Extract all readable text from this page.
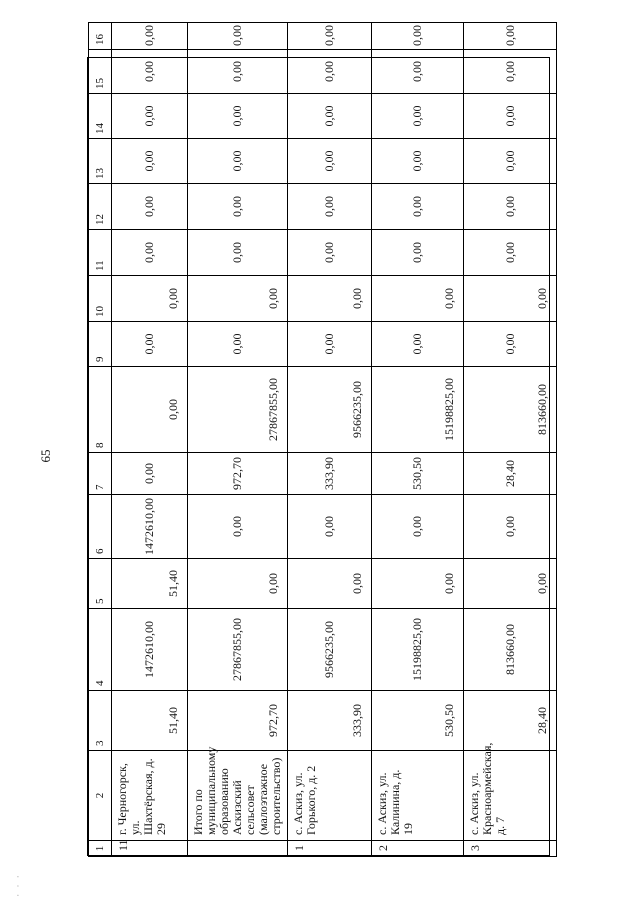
65
· · ·
1	2	3	4	5	6	7	8	9	10	11	12	13	14	15	16
11	г. Черногорск, ул. Шахтёрская, д. 29	51,40	1472610,00	51,40	1472610,00	0,00	0,00	0,00	0,00	0,00	0,00	0,00	0,00	0,00	0,00
	Итого по муниципальному образованию Аскизский сельсовет (малоэтажное строительство)	972,70	27867855,00	0,00	0,00	972,70	27867855,00	0,00	0,00	0,00	0,00	0,00	0,00	0,00	0,00
1	с. Аскиз, ул. Горького, д. 2	333,90	9566235,00	0,00	0,00	333,90	9566235,00	0,00	0,00	0,00	0,00	0,00	0,00	0,00	0,00
2	с. Аскиз, ул. Калинина, д. 19	530,50	15198825,00	0,00	0,00	530,50	15198825,00	0,00	0,00	0,00	0,00	0,00	0,00	0,00	0,00
3	с. Аскиз, ул. Красноармейская, д. 7	28,40	813660,00	0,00	0,00	28,40	813660,00	0,00	0,00	0,00	0,00	0,00	0,00	0,00	0,00
